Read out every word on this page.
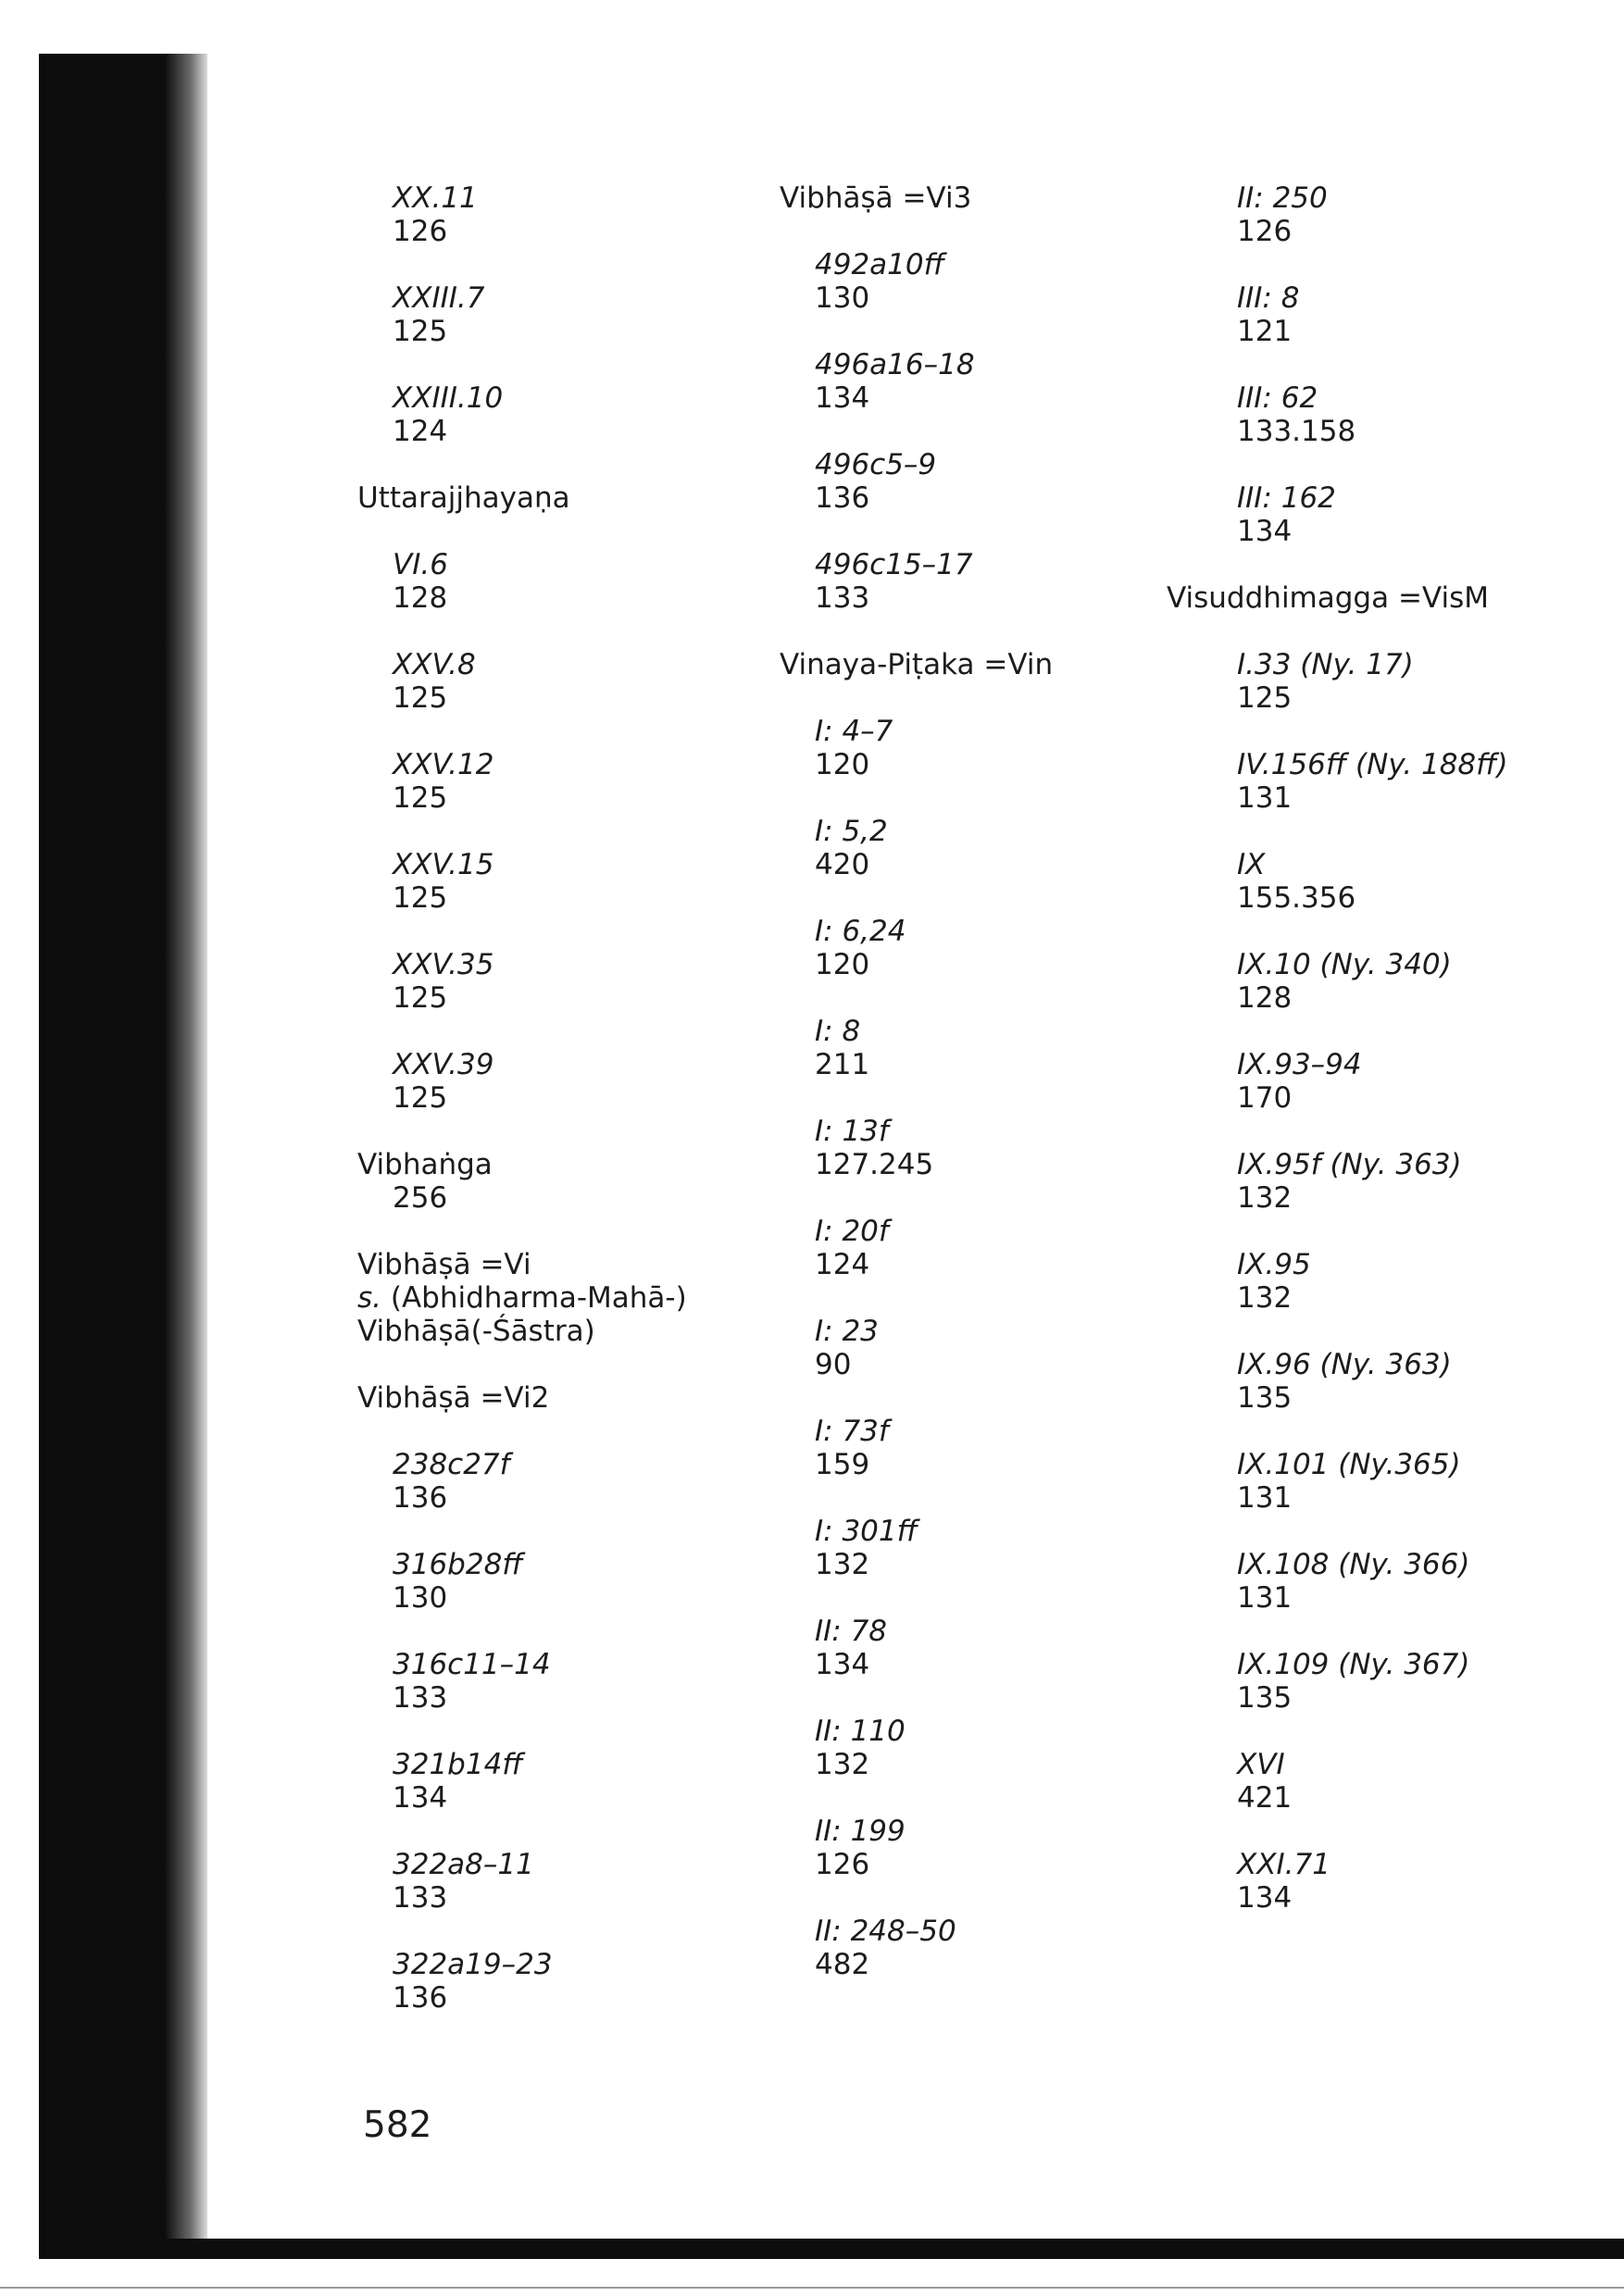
XX.11
126
XXIII.7
125
XXIII.10
124
Uttarajjhayaṇa
VI.6
128
XXV.8
125
XXV.12
125
XXV.15
125
XXV.35
125
XXV.39
125
Vibhaṅga
256
Vibhāṣā =Vi
s. (Abhidharma-Mahā-)
Vibhāṣā(-Śāstra)
Vibhāṣā =Vi2
238c27f
136
316b28ff
130
316c11–14
133
321b14ff
134
322a8–11
133
322a19–23
136
Vibhāṣā =Vi3
492a10ff
130
496a16–18
134
496c5–9
136
496c15–17
133
Vinaya-Piṭaka =Vin
I: 4–7
120
I: 5,2
420
I: 6,24
120
I: 8
211
I: 13f
127.245
I: 20f
124
I: 23
90
I: 73f
159
I: 301ff
132
II: 78
134
II: 110
132
II: 199
126
II: 248–50
482
II: 250
126
III: 8
121
III: 62
133.158
III: 162
134
Visuddhimagga =VisM
I.33 (Ny. 17)
125
IV.156ff (Ny. 188ff)
131
IX
155.356
IX.10 (Ny. 340)
128
IX.93–94
170
IX.95f (Ny. 363)
132
IX.95
132
IX.96 (Ny. 363)
135
IX.101 (Ny.365)
131
IX.108 (Ny. 366)
131
IX.109 (Ny. 367)
135
XVI
421
XXI.71
134
582
